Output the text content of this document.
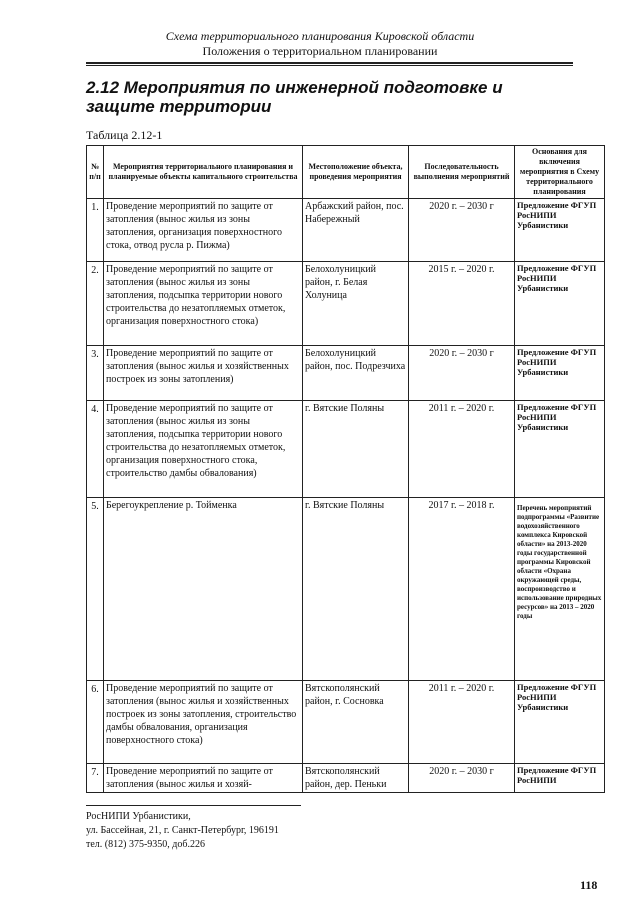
Схема территориального планирования Кировской области
Положения о территориальном планировании
2.12 Мероприятия по инженерной подготовке и защите территории
Таблица 2.12-1
№ п/п	Мероприятия территориального планирования и планируемые объекты капитального строительства	Местоположение объекта, проведения мероприятия	Последовательность выполнения мероприятий	Основания для включения мероприятия в Схему территориального планирования
1.	Проведение мероприятий по защите от затопления (вынос жилья из зоны затопления, организация поверхностного стока, отвод русла р. Пижма)	Арбажский район, пос. Набережный	2020 г. – 2030 г	Предложение ФГУП РосНИПИ Урбанистики
2.	Проведение мероприятий по защите от затопления (вынос жилья из зоны затопления, подсыпка территории нового строительства до незатопляемых отметок, организация поверхностного стока)	Белохолуницкий район, г. Белая Холуница	2015 г. – 2020 г.	Предложение ФГУП РосНИПИ Урбанистики
3.	Проведение мероприятий по защите от затопления (вынос жилья и хозяйственных построек из зоны затопления)	Белохолуницкий район, пос. Подрезчиха	2020 г. – 2030 г	Предложение ФГУП РосНИПИ Урбанистики
4.	Проведение мероприятий по защите от затопления (вынос жилья из зоны затопления, подсыпка территории нового строительства до незатопляемых отметок, организация поверхностного стока, строительство дамбы обвалования)	г. Вятские Поляны	2011 г. – 2020 г.	Предложение ФГУП РосНИПИ Урбанистики
5.	Берегоукрепление р. Тойменка	г. Вятские Поляны	2017 г. – 2018 г.	Перечень мероприятий подпрограммы «Развитие водохозяйственного комплекса Кировской области» на 2013-2020 годы государственной программы Кировской области «Охрана окружающей среды, воспроизводство и использование природных ресурсов» на 2013 – 2020 годы
6.	Проведение мероприятий по защите от затопления (вынос жилья и хозяйственных построек из зоны затопления, строительство дамбы обвалования, организация поверхностного стока)	Вятскополянский район, г. Сосновка	2011 г. – 2020 г.	Предложение ФГУП РосНИПИ Урбанистики
7.	Проведение мероприятий по защите от затопления (вынос жилья и хозяй-	Вятскополянский район, дер. Пеньки	2020 г. – 2030 г	Предложение ФГУП РосНИПИ
РосНИПИ Урбанистики,
ул. Бассейная, 21, г. Санкт-Петербург, 196191
тел. (812) 375-9350, доб.226
118
